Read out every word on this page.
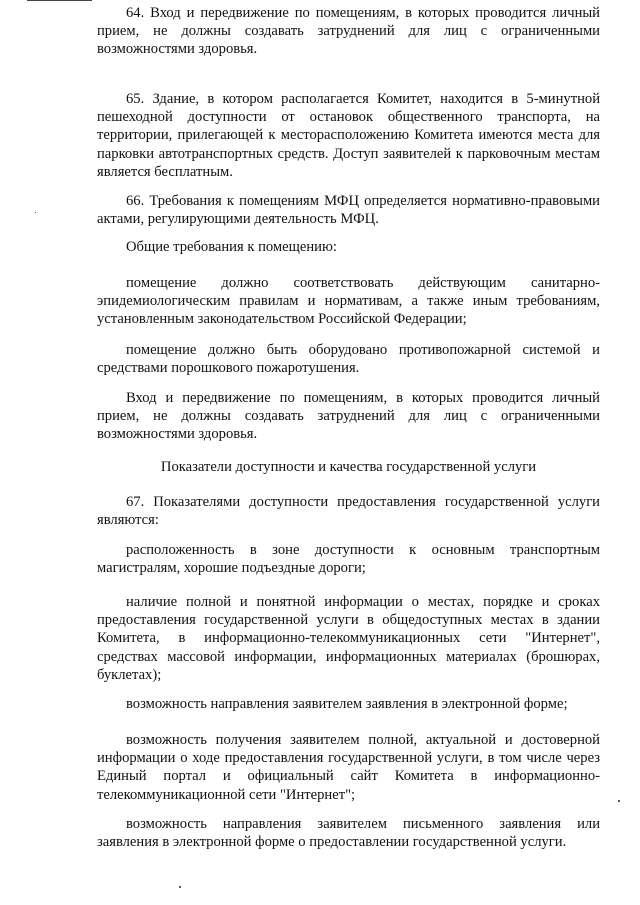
64. Вход и передвижение по помещениям, в которых проводится личный прием, не должны создавать затруднений для лиц с ограниченными возможностями здоровья.

65. Здание, в котором располагается Комитет, находится в 5-минутной пешеходной доступности от остановок общественного транспорта, на территории, прилегающей к месторасположению Комитета имеются места для парковки автотранспортных средств. Доступ заявителей к парковочным местам является бесплатным.

66. Требования к помещениям МФЦ определяется нормативно-правовыми актами, регулирующими деятельность МФЦ.

Общие требования к помещению:

помещение должно соответствовать действующим санитарно-эпидемиологическим правилам и нормативам, а также иным требованиям, установленным законодательством Российской Федерации;

помещение должно быть оборудовано противопожарной системой и средствами порошкового пожаротушения.

Вход и передвижение по помещениям, в которых проводится личный прием, не должны создавать затруднений для лиц с ограниченными возможностями здоровья.

Показатели доступности и качества государственной услуги

67. Показателями доступности предоставления государственной услуги являются:

расположенность в зоне доступности к основным транспортным магистралям, хорошие подъездные дороги;

наличие полной и понятной информации о местах, порядке и сроках предоставления государственной услуги в общедоступных местах в здании Комитета, в информационно-телекоммуникационных сети "Интернет", средствах массовой информации, информационных материалах (брошюрах, буклетах);

возможность направления заявителем заявления в электронной форме;

возможность получения заявителем полной, актуальной и достоверной информации о ходе предоставления государственной услуги, в том числе через Единый портал и официальный сайт Комитета в информационно-телекоммуникационной сети "Интернет";

возможность направления заявителем письменного заявления или заявления в электронной форме о предоставлении государственной услуги.
